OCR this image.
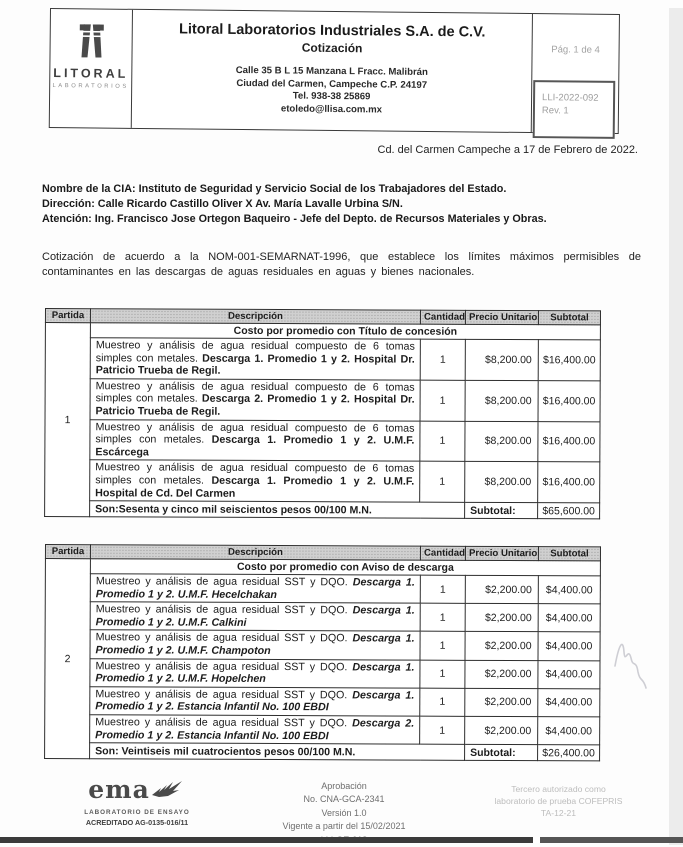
LITORAL
LABORATORIOS
Litoral Laboratorios Industriales S.A. de C.V.
Cotización
Calle 35 B L 15 Manzana L Fracc. Malibrán
Ciudad del Carmen, Campeche C.P. 24197
Tel. 938-38 25869
etoledo@llisa.com.mx
Pág. 1 de 4
LLI-2022-092
Rev. 1
Cd. del Carmen Campeche a 17 de Febrero de 2022.
Nombre de la CIA: Instituto de Seguridad y Servicio Social de los Trabajadores del Estado.
Dirección: Calle Ricardo Castillo Oliver X Av. María Lavalle Urbina S/N.
Atención: Ing. Francisco Jose Ortegon Baqueiro - Jefe del Depto. de Recursos Materiales y Obras.
Cotización de acuerdo a la NOM-001-SEMARNAT-1996, que establece los límites máximos permisibles de contaminantes en las descargas de aguas residuales en aguas y bienes nacionales.
Partida	Descripción	Cantidad	Precio Unitario	Subtotal
1	Costo por promedio con Título de concesión			
	Muestreo y análisis de agua residual compuesto de 6 tomas simples con metales. Descarga 1. Promedio 1 y 2. Hospital Dr. Patricio Trueba de Regil.	1	$8,200.00	$16,400.00
	Muestreo y análisis de agua residual compuesto de 6 tomas simples con metales. Descarga 2. Promedio 1 y 2. Hospital Dr. Patricio Trueba de Regil.	1	$8,200.00	$16,400.00
	Muestreo y análisis de agua residual compuesto de 6 tomas simples con metales. Descarga 1. Promedio 1 y 2. U.M.F. Escárcega	1	$8,200.00	$16,400.00
	Muestreo y análisis de agua residual compuesto de 6 tomas simples con metales. Descarga 1. Promedio 1 y 2. U.M.F. Hospital de Cd. Del Carmen	1	$8,200.00	$16,400.00
	Son:Sesenta y cinco mil seiscientos pesos 00/100 M.N.		Subtotal:	$65,600.00
Partida	Descripción	Cantidad	Precio Unitario	Subtotal
2	Costo por promedio con Aviso de descarga			
	Muestreo y análisis de agua residual SST y DQO. Descarga 1. Promedio 1 y 2. U.M.F. Hecelchakan	1	$2,200.00	$4,400.00
	Muestreo y análisis de agua residual SST y DQO. Descarga 1. Promedio 1 y 2. U.M.F. Calkini	1	$2,200.00	$4,400.00
	Muestreo y análisis de agua residual SST y DQO. Descarga 1. Promedio 1 y 2. U.M.F. Champoton	1	$2,200.00	$4,400.00
	Muestreo y análisis de agua residual SST y DQO. Descarga 1. Promedio 1 y 2. U.M.F. Hopelchen	1	$2,200.00	$4,400.00
	Muestreo y análisis de agua residual SST y DQO. Descarga 1. Promedio 1 y 2. Estancia Infantil No. 100 EBDI	1	$2,200.00	$4,400.00
	Muestreo y análisis de agua residual SST y DQO. Descarga 2. Promedio 1 y 2. Estancia Infantil No. 100 EBDI	1	$2,200.00	$4,400.00
	Son: Veintiseis mil cuatrocientos pesos 00/100 M.N.		Subtotal:	$26,400.00
ema
LABORATORIO DE ENSAYO
ACREDITADO AG-0135-016/11
Aprobación
No. CNA-GCA-2341
Versión 1.0
Vigente a partir del 15/02/2021
Tercero autorizado como
laboratorio de prueba COFEPRIS
TA-12-21
